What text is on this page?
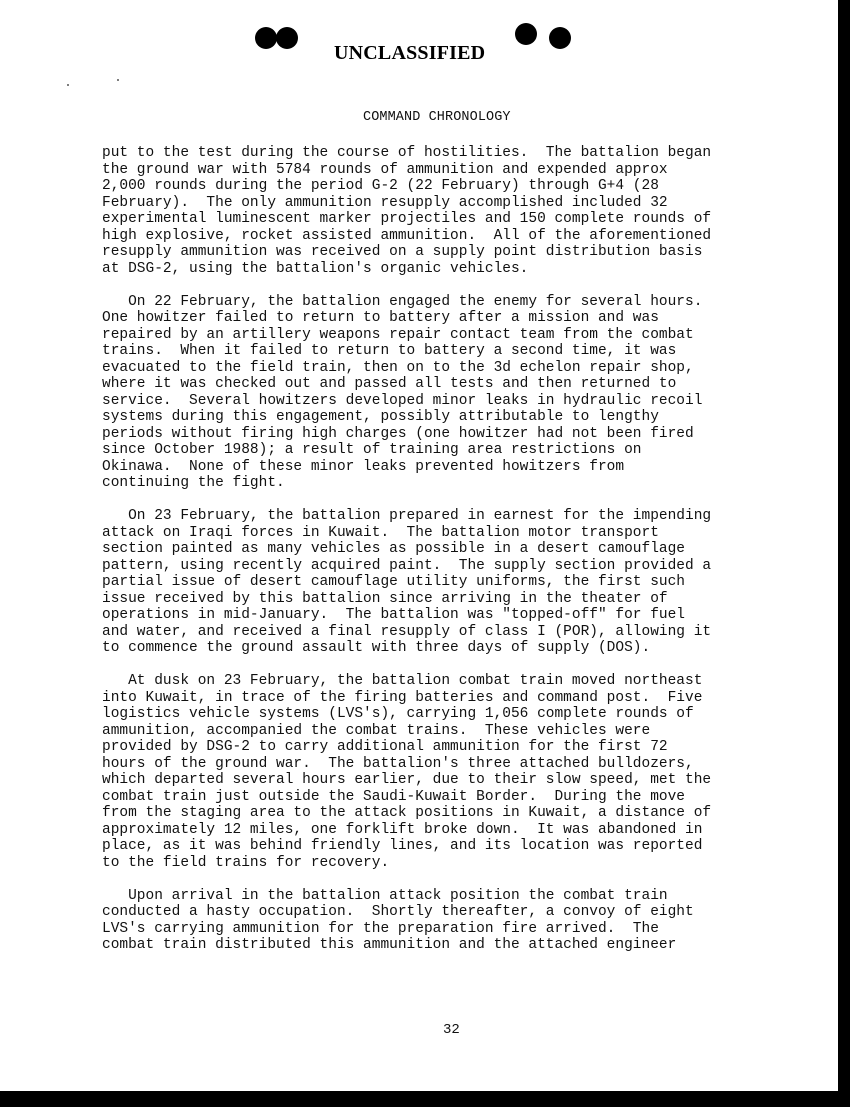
UNCLASSIFIED
COMMAND CHRONOLOGY
put to the test during the course of hostilities.  The battalion began
the ground war with 5784 rounds of ammunition and expended approx
2,000 rounds during the period G-2 (22 February) through G+4 (28
February).  The only ammunition resupply accomplished included 32
experimental luminescent marker projectiles and 150 complete rounds of
high explosive, rocket assisted ammunition.  All of the aforementioned
resupply ammunition was received on a supply point distribution basis
at DSG-2, using the battalion's organic vehicles.
On 22 February, the battalion engaged the enemy for several hours.
One howitzer failed to return to battery after a mission and was
repaired by an artillery weapons repair contact team from the combat
trains.  When it failed to return to battery a second time, it was
evacuated to the field train, then on to the 3d echelon repair shop,
where it was checked out and passed all tests and then returned to
service.  Several howitzers developed minor leaks in hydraulic recoil
systems during this engagement, possibly attributable to lengthy
periods without firing high charges (one howitzer had not been fired
since October 1988); a result of training area restrictions on
Okinawa.  None of these minor leaks prevented howitzers from
continuing the fight.
On 23 February, the battalion prepared in earnest for the impending
attack on Iraqi forces in Kuwait.  The battalion motor transport
section painted as many vehicles as possible in a desert camouflage
pattern, using recently acquired paint.  The supply section provided a
partial issue of desert camouflage utility uniforms, the first such
issue received by this battalion since arriving in the theater of
operations in mid-January.  The battalion was "topped-off" for fuel
and water, and received a final resupply of class I (POR), allowing it
to commence the ground assault with three days of supply (DOS).
At dusk on 23 February, the battalion combat train moved northeast
into Kuwait, in trace of the firing batteries and command post.  Five
logistics vehicle systems (LVS's), carrying 1,056 complete rounds of
ammunition, accompanied the combat trains.  These vehicles were
provided by DSG-2 to carry additional ammunition for the first 72
hours of the ground war.  The battalion's three attached bulldozers,
which departed several hours earlier, due to their slow speed, met the
combat train just outside the Saudi-Kuwait Border.  During the move
from the staging area to the attack positions in Kuwait, a distance of
approximately 12 miles, one forklift broke down.  It was abandoned in
place, as it was behind friendly lines, and its location was reported
to the field trains for recovery.
Upon arrival in the battalion attack position the combat train
conducted a hasty occupation.  Shortly thereafter, a convoy of eight
LVS's carrying ammunition for the preparation fire arrived.  The
combat train distributed this ammunition and the attached engineer
32
